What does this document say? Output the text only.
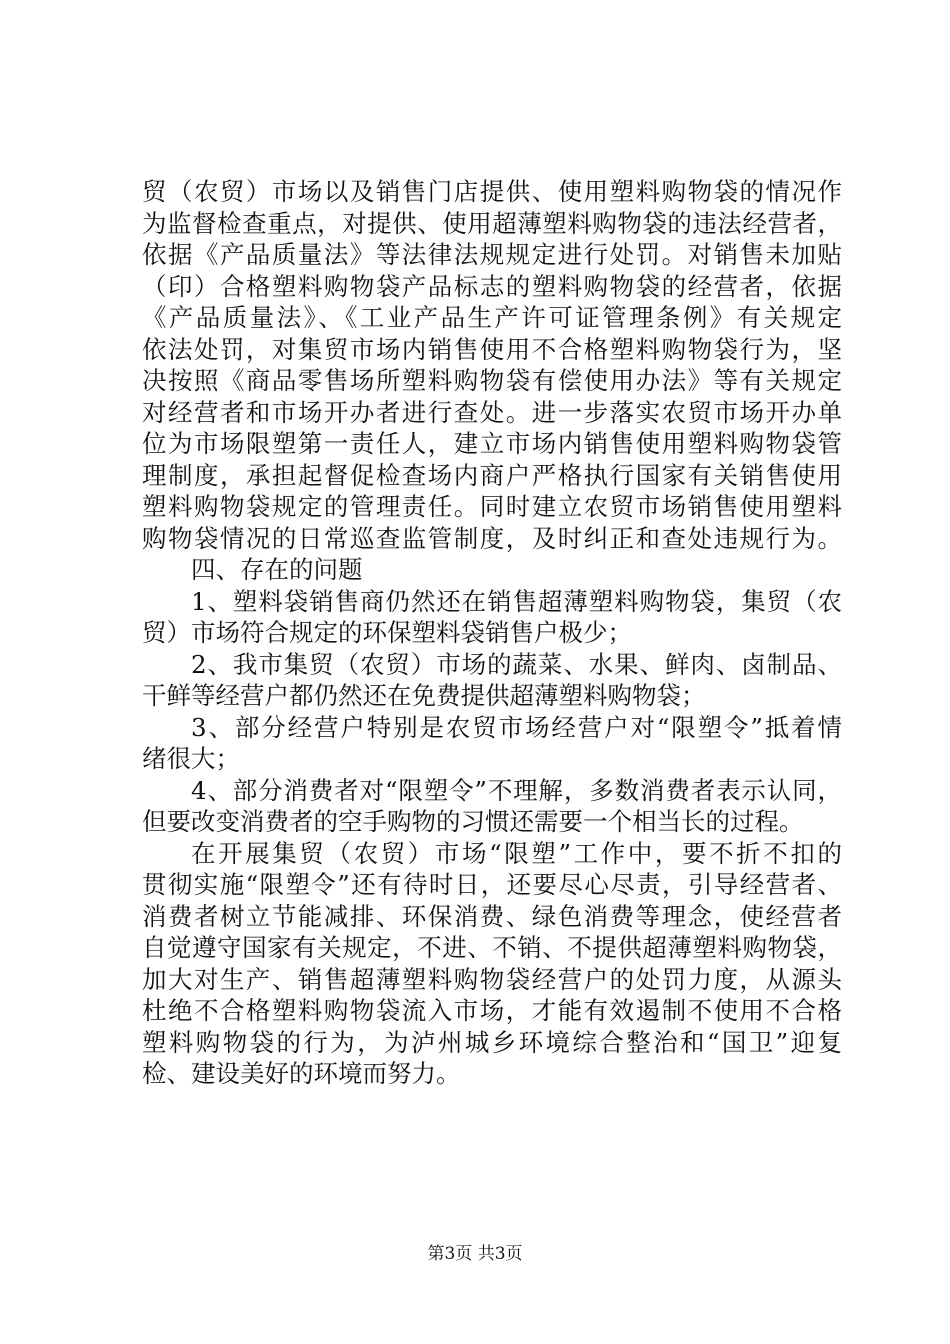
贸（农贸）市场以及销售门店提供、使用塑料购物袋的情况作
为监督检查重点，对提供、使用超薄塑料购物袋的违法经营者，
依据《产品质量法》等法律法规规定进行处罚。对销售未加贴
（印）合格塑料购物袋产品标志的塑料购物袋的经营者，依据
《产品质量法》、《工业产品生产许可证管理条例》有关规定
依法处罚，对集贸市场内销售使用不合格塑料购物袋行为，坚
决按照《商品零售场所塑料购物袋有偿使用办法》等有关规定
对经营者和市场开办者进行查处。进一步落实农贸市场开办单
位为市场限塑第一责任人，建立市场内销售使用塑料购物袋管
理制度，承担起督促检查场内商户严格执行国家有关销售使用
塑料购物袋规定的管理责任。同时建立农贸市场销售使用塑料
购物袋情况的日常巡查监管制度，及时纠正和查处违规行为。
四、存在的问题
1、塑料袋销售商仍然还在销售超薄塑料购物袋，集贸（农
贸）市场符合规定的环保塑料袋销售户极少；
2、我市集贸（农贸）市场的蔬菜、水果、鲜肉、卤制品、
干鲜等经营户都仍然还在免费提供超薄塑料购物袋；
3、部分经营户特别是农贸市场经营户对“限塑令”抵着情
绪很大；
4、部分消费者对“限塑令”不理解，多数消费者表示认同，
但要改变消费者的空手购物的习惯还需要一个相当长的过程。
在开展集贸（农贸）市场“限塑”工作中，要不折不扣的
贯彻实施“限塑令”还有待时日，还要尽心尽责，引导经营者、
消费者树立节能减排、环保消费、绿色消费等理念，使经营者
自觉遵守国家有关规定，不进、不销、不提供超薄塑料购物袋，
加大对生产、销售超薄塑料购物袋经营户的处罚力度，从源头
杜绝不合格塑料购物袋流入市场，才能有效遏制不使用不合格
塑料购物袋的行为，为泸州城乡环境综合整治和“国卫”迎复
检、建设美好的环境而努力。
第3页 共3页
